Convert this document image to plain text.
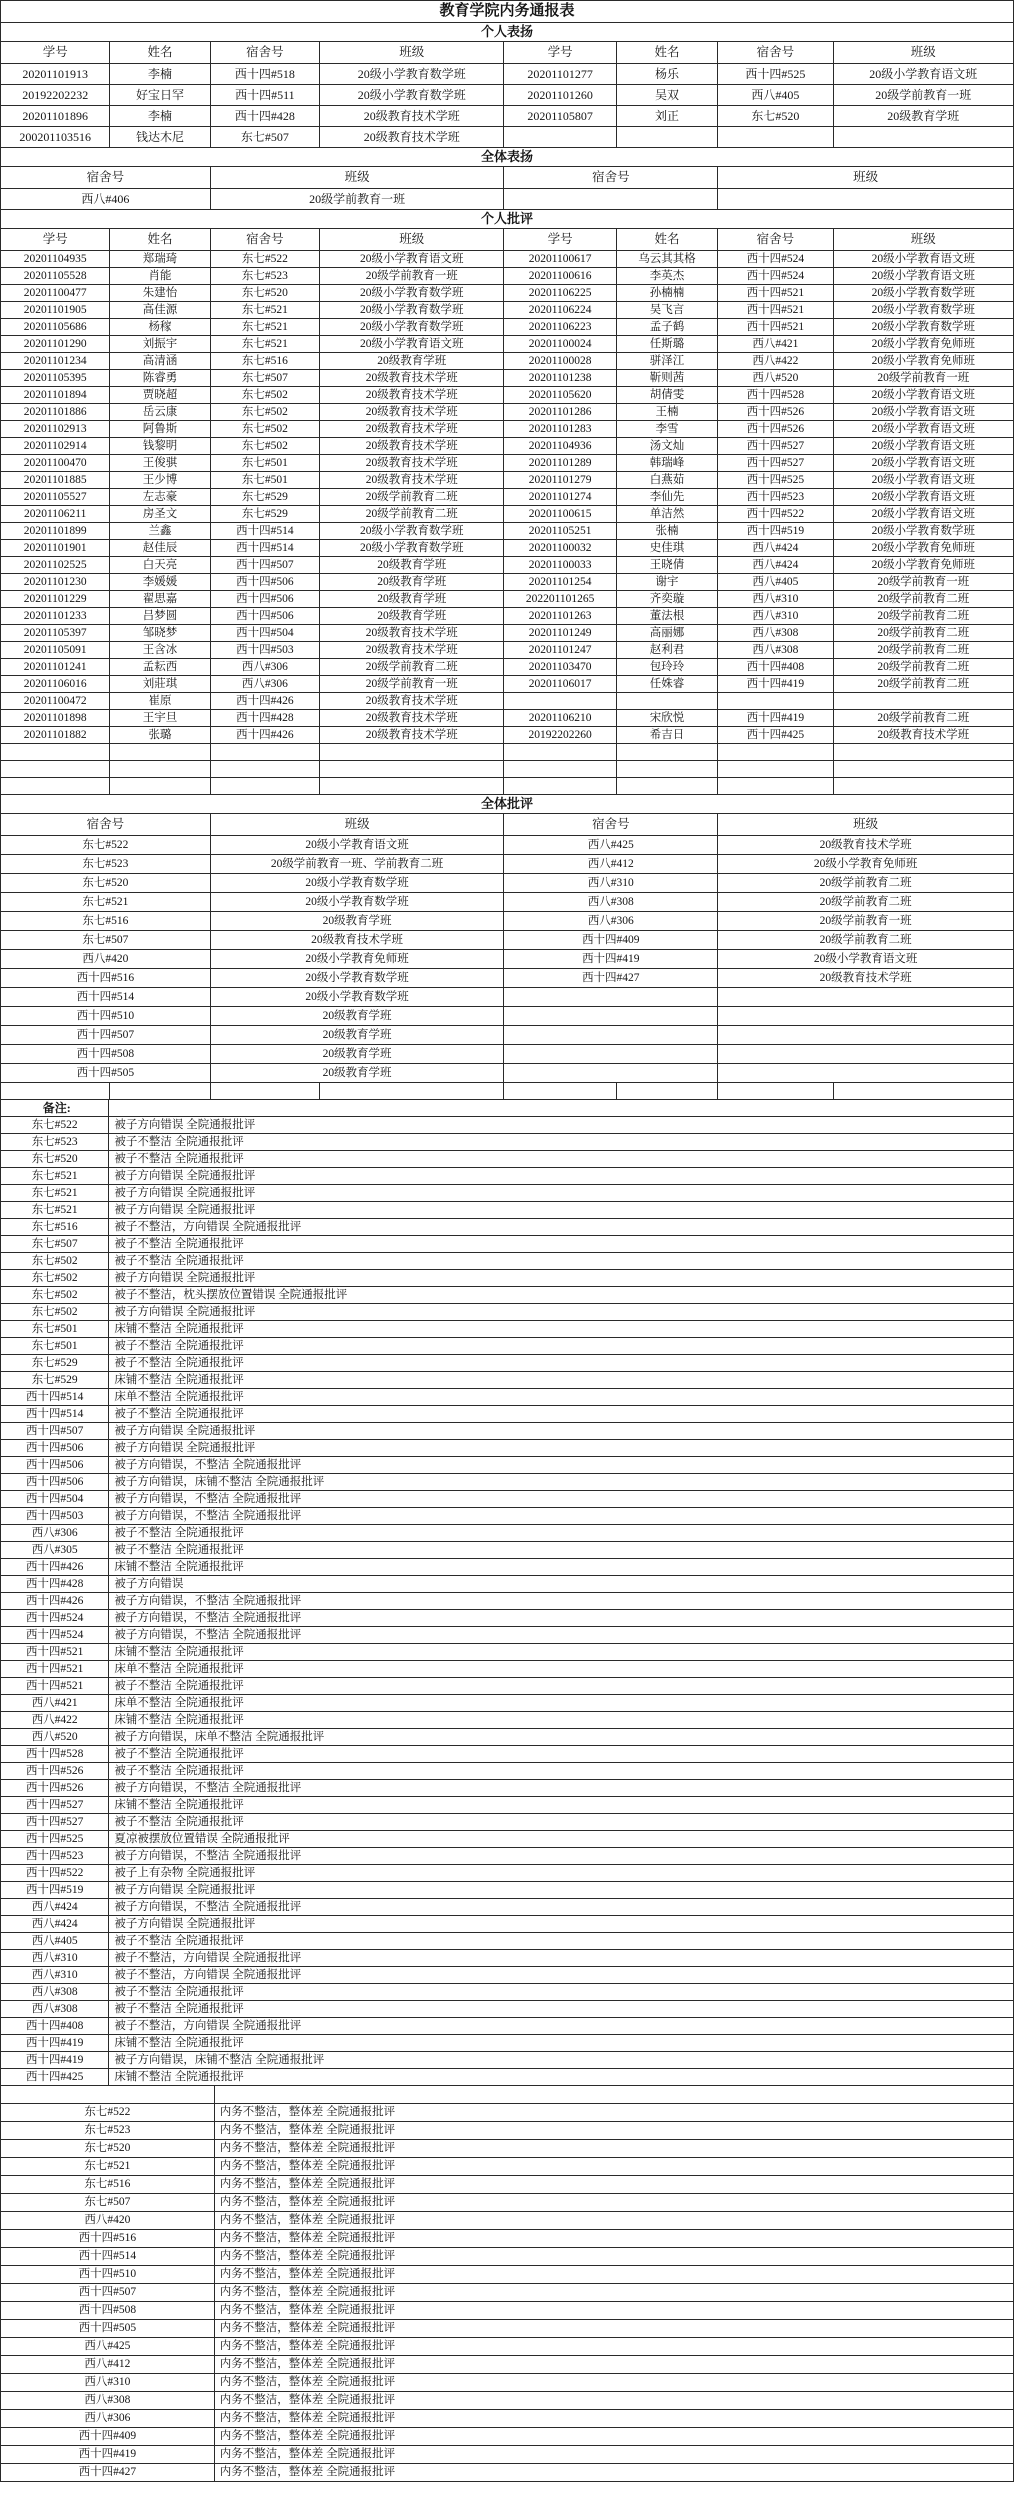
教育学院内务通报表
个人表扬
学号	姓名	宿舍号	班级	学号	姓名	宿舍号	班级
20201101913	李楠	西十四#518	20级小学教育数学班	20201101277	杨乐	西十四#525	20级小学教育语文班
20192202232	好宝日罕	西十四#511	20级小学教育数学班	20201101260	吴双	西八#405	20级学前教育一班
20201101896	李楠	西十四#428	20级教育技术学班	20201105807	刘正	东七#520	20级教育学班
200201103516	钱达木尼	东七#507	20级教育技术学班				
全体表扬
宿舍号	班级	宿舍号	班级
西八#406	20级学前教育一班		
个人批评
学号	姓名	宿舍号	班级	学号	姓名	宿舍号	班级
20201104935	郑瑞琦	东七#522	20级小学教育语文班	20201100617	乌云其其格	西十四#524	20级小学教育语文班
20201105528	肖能	东七#523	20级学前教育一班	20201100616	李英杰	西十四#524	20级小学教育语文班
20201100477	朱建怡	东七#520	20级小学教育数学班	20201106225	孙楠楠	西十四#521	20级小学教育数学班
20201101905	高佳源	东七#521	20级小学教育数学班	20201106224	吴飞言	西十四#521	20级小学教育数学班
20201105686	杨稼	东七#521	20级小学教育数学班	20201106223	孟子鹤	西十四#521	20级小学教育数学班
20201101290	刘振宇	东七#521	20级小学教育语文班	20201100024	任斯璐	西八#421	20级小学教育免师班
20201101234	高清涵	东七#516	20级教育学班	20201100028	骈泽江	西八#422	20级小学教育免师班
20201105395	陈睿勇	东七#507	20级教育技术学班	20201101238	靳则茜	西八#520	20级学前教育一班
20201101894	贾晓超	东七#502	20级教育技术学班	20201105620	胡倩雯	西十四#528	20级小学教育语文班
20201101886	岳云康	东七#502	20级教育技术学班	20201101286	王楠	西十四#526	20级小学教育语文班
20201102913	阿鲁斯	东七#502	20级教育技术学班	20201101283	李雪	西十四#526	20级小学教育语文班
20201102914	钱黎明	东七#502	20级教育技术学班	20201104936	汤文灿	西十四#527	20级小学教育语文班
20201100470	王俊骐	东七#501	20级教育技术学班	20201101289	韩瑞峰	西十四#527	20级小学教育语文班
20201101885	王少博	东七#501	20级教育技术学班	20201101279	白燕茹	西十四#525	20级小学教育语文班
20201105527	左志豪	东七#529	20级学前教育二班	20201101274	李仙先	西十四#523	20级小学教育语文班
20201106211	房圣文	东七#529	20级学前教育二班	20201100615	单洁然	西十四#522	20级小学教育语文班
20201101899	兰鑫	西十四#514	20级小学教育数学班	20201105251	张楠	西十四#519	20级小学教育数学班
20201101901	赵佳辰	西十四#514	20级小学教育数学班	20201100032	史佳琪	西八#424	20级小学教育免师班
20201102525	白天亮	西十四#507	20级教育学班	20201100033	王晓倩	西八#424	20级小学教育免师班
20201101230	李媛媛	西十四#506	20级教育学班	20201101254	谢宇	西八#405	20级学前教育一班
20201101229	翟思嘉	西十四#506	20级教育学班	202201101265	齐奕璇	西八#310	20级学前教育二班
20201101233	吕梦圆	西十四#506	20级教育学班	20201101263	董法根	西八#310	20级学前教育二班
20201105397	邹晓梦	西十四#504	20级教育技术学班	20201101249	高丽娜	西八#308	20级学前教育二班
20201105091	王含冰	西十四#503	20级教育技术学班	20201101247	赵利君	西八#308	20级学前教育二班
20201101241	孟耘西	西八#306	20级学前教育二班	20201103470	包玲玲	西十四#408	20级学前教育二班
20201106016	刘莊琪	西八#306	20级学前教育一班	20201106017	任姝睿	西十四#419	20级学前教育二班
20201100472	崔原	西十四#426	20级教育技术学班				
20201101898	王宇旦	西十四#428	20级教育技术学班	20201106210	宋欣悦	西十四#419	20级学前教育二班
20201101882	张璐	西十四#426	20级教育技术学班	20192202260	希吉日	西十四#425	20级教育技术学班

全体批评
宿舍号	班级	宿舍号	班级
东七#522	20级小学教育语文班	西八#425	20级教育技术学班
东七#523	20级学前教育一班、学前教育二班	西八#412	20级小学教育免师班
东七#520	20级小学教育数学班	西八#310	20级学前教育二班
东七#521	20级小学教育数学班	西八#308	20级学前教育二班
东七#516	20级教育学班	西八#306	20级学前教育一班
东七#507	20级教育技术学班	西十四#409	20级学前教育二班
西八#420	20级小学教育免师班	西十四#419	20级小学教育语文班
西十四#516	20级小学教育数学班	西十四#427	20级教育技术学班
西十四#514	20级小学教育数学班		
西十四#510	20级教育学班		
西十四#507	20级教育学班		
西十四#508	20级教育学班		
西十四#505	20级教育学班		

备注:	
东七#522	被子方向错误 全院通报批评
东七#523	被子不整洁 全院通报批评
东七#520	被子不整洁 全院通报批评
东七#521	被子方向错误 全院通报批评
东七#521	被子方向错误 全院通报批评
东七#521	被子方向错误 全院通报批评
东七#516	被子不整洁，方向错误 全院通报批评
东七#507	被子不整洁 全院通报批评
东七#502	被子不整洁 全院通报批评
东七#502	被子方向错误 全院通报批评
东七#502	被子不整洁，枕头摆放位置错误 全院通报批评
东七#502	被子方向错误 全院通报批评
东七#501	床铺不整洁 全院通报批评
东七#501	被子不整洁 全院通报批评
东七#529	被子不整洁 全院通报批评
东七#529	床铺不整洁 全院通报批评
西十四#514	床单不整洁 全院通报批评
西十四#514	被子不整洁 全院通报批评
西十四#507	被子方向错误 全院通报批评
西十四#506	被子方向错误 全院通报批评
西十四#506	被子方向错误，不整洁 全院通报批评
西十四#506	被子方向错误，床铺不整洁 全院通报批评
西十四#504	被子方向错误，不整洁 全院通报批评
西十四#503	被子方向错误，不整洁 全院通报批评
西八#306	被子不整洁 全院通报批评
西八#305	被子不整洁 全院通报批评
西十四#426	床铺不整洁 全院通报批评
西十四#428	被子方向错误
西十四#426	被子方向错误，不整洁 全院通报批评
西十四#524	被子方向错误，不整洁 全院通报批评
西十四#524	被子方向错误，不整洁 全院通报批评
西十四#521	床铺不整洁 全院通报批评
西十四#521	床单不整洁 全院通报批评
西十四#521	被子不整洁 全院通报批评
西八#421	床单不整洁 全院通报批评
西八#422	床铺不整洁 全院通报批评
西八#520	被子方向错误，床单不整洁 全院通报批评
西十四#528	被子不整洁 全院通报批评
西十四#526	被子不整洁 全院通报批评
西十四#526	被子方向错误，不整洁 全院通报批评
西十四#527	床铺不整洁 全院通报批评
西十四#527	被子不整洁 全院通报批评
西十四#525	夏凉被摆放位置错误 全院通报批评
西十四#523	被子方向错误，不整洁 全院通报批评
西十四#522	被子上有杂物 全院通报批评
西十四#519	被子方向错误 全院通报批评
西八#424	被子方向错误，不整洁 全院通报批评
西八#424	被子方向错误 全院通报批评
西八#405	被子不整洁 全院通报批评
西八#310	被子不整洁，方向错误 全院通报批评
西八#310	被子不整洁，方向错误 全院通报批评
西八#308	被子不整洁 全院通报批评
西八#308	被子不整洁 全院通报批评
西十四#408	被子不整洁，方向错误 全院通报批评
西十四#419	床铺不整洁 全院通报批评
西十四#419	被子方向错误，床铺不整洁 全院通报批评
西十四#425	床铺不整洁 全院通报批评

东七#522	内务不整洁，整体差 全院通报批评
东七#523	内务不整洁，整体差 全院通报批评
东七#520	内务不整洁，整体差 全院通报批评
东七#521	内务不整洁，整体差 全院通报批评
东七#516	内务不整洁，整体差 全院通报批评
东七#507	内务不整洁，整体差 全院通报批评
西八#420	内务不整洁，整体差 全院通报批评
西十四#516	内务不整洁，整体差 全院通报批评
西十四#514	内务不整洁，整体差 全院通报批评
西十四#510	内务不整洁，整体差 全院通报批评
西十四#507	内务不整洁，整体差 全院通报批评
西十四#508	内务不整洁，整体差 全院通报批评
西十四#505	内务不整洁，整体差 全院通报批评
西八#425	内务不整洁，整体差 全院通报批评
西八#412	内务不整洁，整体差 全院通报批评
西八#310	内务不整洁，整体差 全院通报批评
西八#308	内务不整洁，整体差 全院通报批评
西八#306	内务不整洁，整体差 全院通报批评
西十四#409	内务不整洁，整体差 全院通报批评
西十四#419	内务不整洁，整体差 全院通报批评
西十四#427	内务不整洁，整体差 全院通报批评
